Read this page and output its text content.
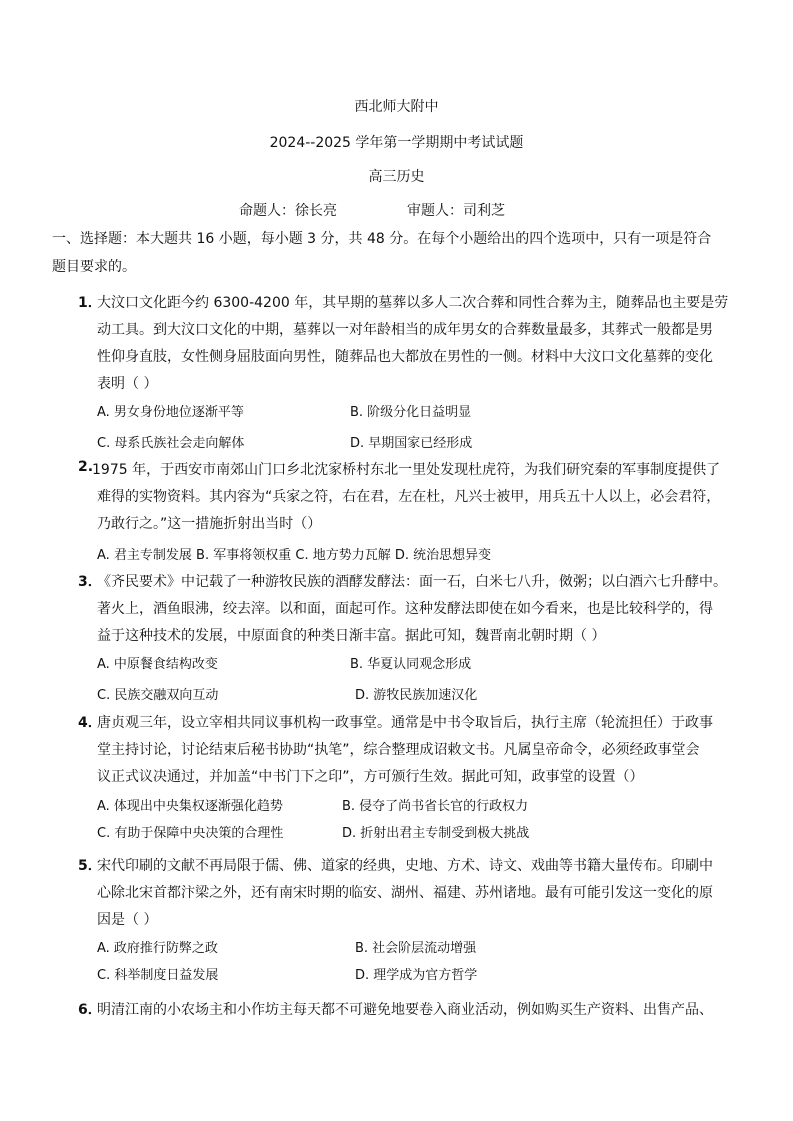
西北师大附中
2024--2025 学年第一学期期中考试试题
高三历史
命题人：徐长亮	审题人：司利芝
一、选择题：本大题共 16 小题，每小题 3 分，共 48 分。在每个小题给出的四个选项中，只有一项是符合
题目要求的。
1．
大汶口文化距今约 6300-4200 年，其早期的墓葬以多人二次合葬和同性合葬为主，随葬品也主要是劳
动工具。到大汶口文化的中期，墓葬以一对年龄相当的成年男女的合葬数量最多，其葬式一般都是男
性仰身直肢，女性侧身屈肢面向男性，随葬品也大都放在男性的一侧。材料中大汶口文化墓葬的变化
表明（ ）
A. 男女身份地位逐渐平等	B. 阶级分化日益明显
C. 母系氏族社会走向解体	D. 早期国家已经形成
2.
1975 年，于西安市南郊山门口乡北沈家桥村东北一里处发现杜虎符，为我们研究秦的军事制度提供了
难得的实物资料。其内容为“兵家之符，右在君，左在杜，凡兴士被甲，用兵五十人以上，必会君符，
乃敢行之。”这一措施折射出当时（）
A. 君主专制发展 B. 军事将领权重 C. 地方势力瓦解 D. 统治思想异变
3．
《齐民要术》中记载了一种游牧民族的酒酵发酵法：面一石，白米七八升，傚粥；以白酒六七升酵中。
著火上，酒鱼眼沸，绞去滓。以和面，面起可作。这种发酵法即使在如今看来，也是比较科学的，得
益于这种技术的发展，中原面食的种类日渐丰富。据此可知，魏晋南北朝时期（ ）
A. 中原餐食结构改变	B. 华夏认同观念形成
C. 民族交融双向互动	D. 游牧民族加速汉化
4．
唐贞观三年，设立宰相共同议事机构一政事堂。通常是中书令取旨后，执行主席（轮流担任）于政事
堂主持讨论，讨论结束后秘书协助“执笔”，综合整理成诏敕文书。凡属皇帝命令，必须经政事堂会
议正式议决通过，并加盖“中书门下之印”，方可颁行生效。据此可知，政事堂的设置（）
A. 体现出中央集权逐渐强化趋势	B. 侵夺了尚书省长官的行政权力
C. 有助于保障中央决策的合理性	D. 折射出君主专制受到极大挑战
5．
宋代印刷的文献不再局限于儒、佛、道家的经典，史地、方术、诗文、戏曲等书籍大量传布。印刷中
心除北宋首都汴梁之外，还有南宋时期的临安、湖州、福建、苏州诸地。最有可能引发这一变化的原
因是（ ）
A. 政府推行防弊之政	B. 社会阶层流动增强
C. 科举制度日益发展	D. 理学成为官方哲学
6．
明清江南的小农场主和小作坊主每天都不可避免地要卷入商业活动，例如购买生产资料、出售产品、
